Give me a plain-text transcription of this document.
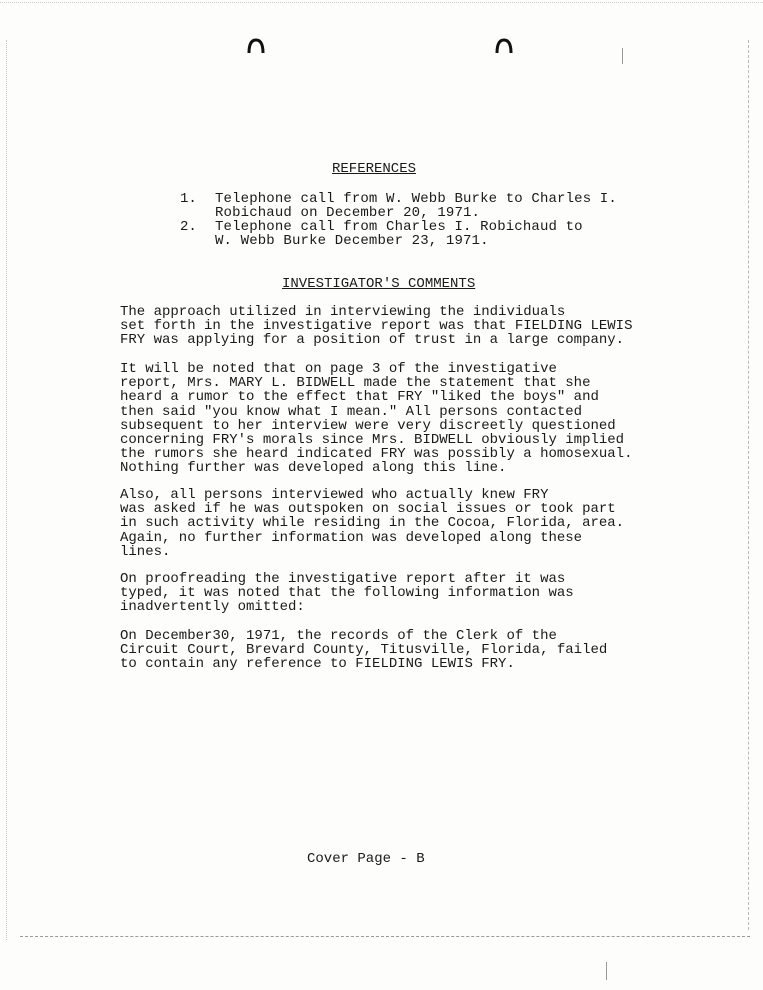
REFERENCES
1. Telephone call from W. Webb Burke to Charles I.
Robichaud on December 20, 1971.
2. Telephone call from Charles I. Robichaud to
W. Webb Burke December 23, 1971.
INVESTIGATOR'S COMMENTS
The approach utilized in interviewing the individuals
set forth in the investigative report was that FIELDING LEWIS
FRY was applying for a position of trust in a large company.
It will be noted that on page 3 of the investigative
report, Mrs. MARY L. BIDWELL made the statement that she
heard a rumor to the effect that FRY "liked the boys" and
then said "you know what I mean." All persons contacted
subsequent to her interview were very discreetly questioned
concerning FRY's morals since Mrs. BIDWELL obviously implied
the rumors she heard indicated FRY was possibly a homosexual.
Nothing further was developed along this line.
Also, all persons interviewed who actually knew FRY
was asked if he was outspoken on social issues or took part
in such activity while residing in the Cocoa, Florida, area.
Again, no further information was developed along these
lines.
On proofreading the investigative report after it was
typed, it was noted that the following information was
inadvertently omitted:
On December30, 1971, the records of the Clerk of the
Circuit Court, Brevard County, Titusville, Florida, failed
to contain any reference to FIELDING LEWIS FRY.
Cover Page - B
